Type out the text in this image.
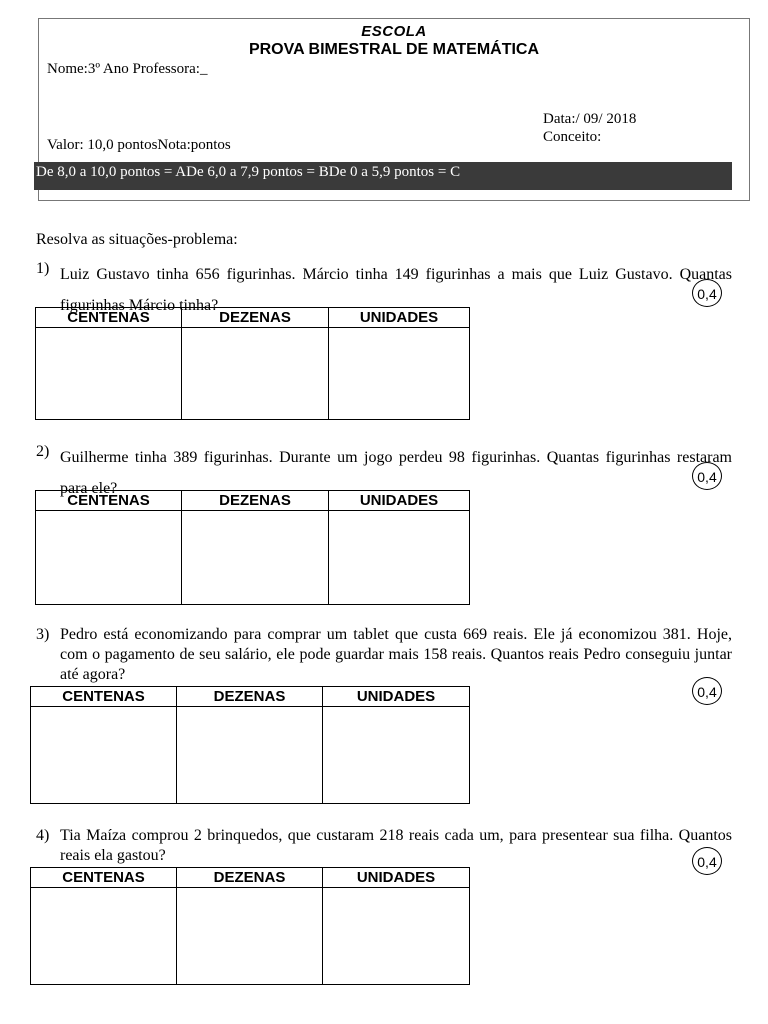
ESCOLA
PROVA BIMESTRAL DE MATEMÁTICA
Nome:3º Ano Professora:_
Data:/ 09/ 2018
Conceito:
Valor: 10,0 pontosNota:pontos
De 8,0 a 10,0 pontos = ADe 6,0 a 7,9 pontos = BDe 0 a 5,9 pontos = C
Resolva as situações-problema:
1) Luiz Gustavo tinha 656 figurinhas. Márcio tinha 149 figurinhas a mais que Luiz Gustavo. Quantas figurinhas Márcio tinha?
0,4
CENTENAS	DEZENAS	UNIDADES

2) Guilherme tinha 389 figurinhas. Durante um jogo perdeu 98 figurinhas. Quantas figurinhas restaram para ele?
0,4
CENTENAS	DEZENAS	UNIDADES

3) Pedro está economizando para comprar um tablet que custa 669 reais. Ele já economizou 381. Hoje, com o pagamento de seu salário, ele pode guardar mais 158 reais. Quantos reais Pedro conseguiu juntar até agora?
0,4
CENTENAS	DEZENAS	UNIDADES

4) Tia Maíza comprou 2 brinquedos, que custaram 218 reais cada um, para presentear sua filha. Quantos reais ela gastou?	0,4
CENTENAS	DEZENAS	UNIDADES
